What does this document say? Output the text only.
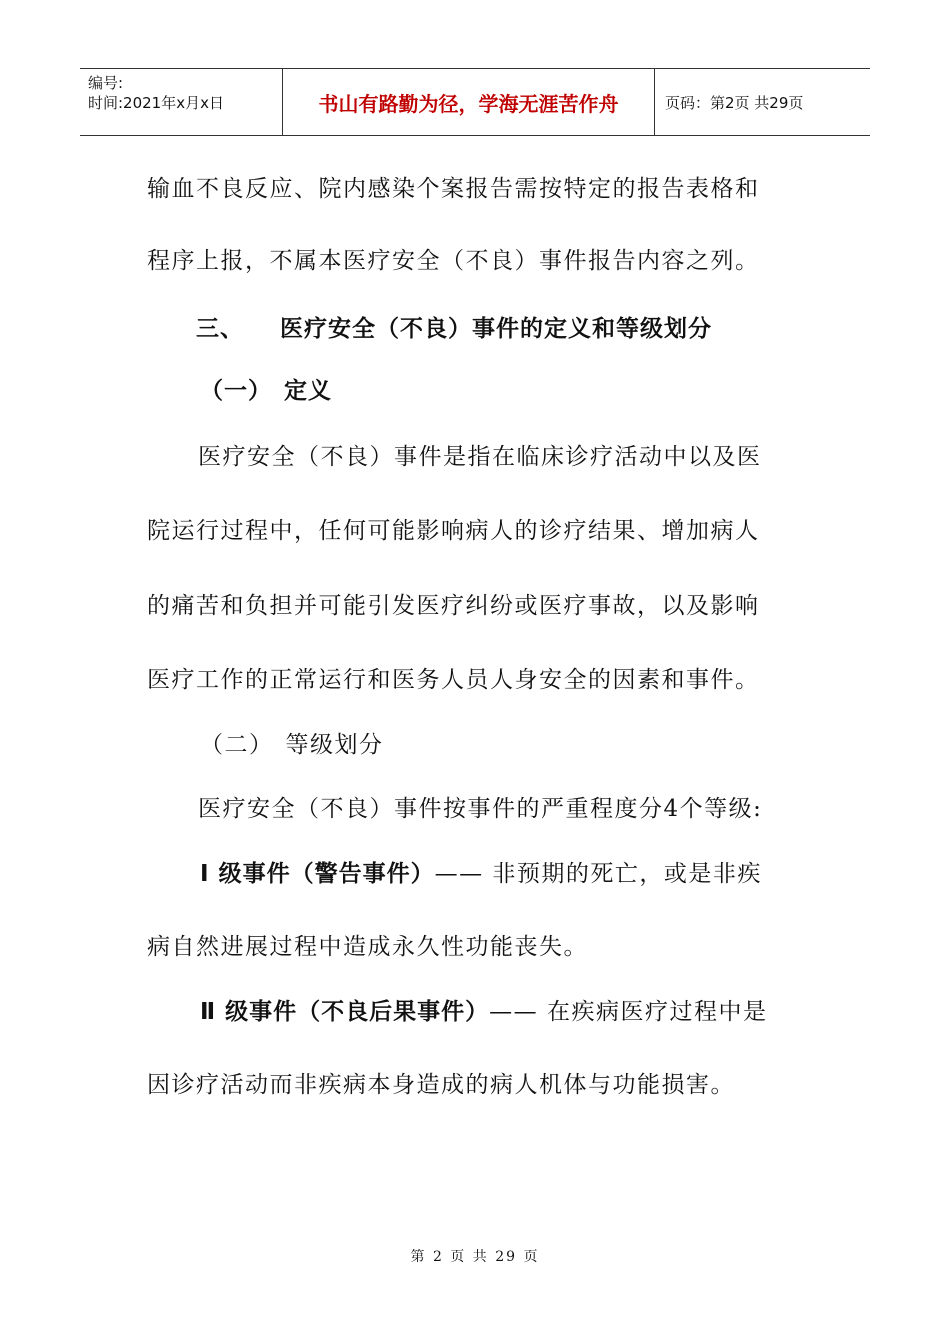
编号:
时间:2021年x月x日	书山有路勤为径，学海无涯苦作舟	页码：第2页 共29页
输血不良反应、院内感染个案报告需按特定的报告表格和
程序上报，不属本医疗安全（不良）事件报告内容之列。
三、 医疗安全（不良）事件的定义和等级划分
（一） 定义
医疗安全（不良）事件是指在临床诊疗活动中以及医
院运行过程中，任何可能影响病人的诊疗结果、增加病人
的痛苦和负担并可能引发医疗纠纷或医疗事故，以及影响
医疗工作的正常运行和医务人员人身安全的因素和事件。
（二） 等级划分
医疗安全（不良）事件按事件的严重程度分4个等级:
Ⅰ 级事件（警告事件）—— 非预期的死亡，或是非疾
病自然进展过程中造成永久性功能丧失。
Ⅱ 级事件（不良后果事件）—— 在疾病医疗过程中是
因诊疗活动而非疾病本身造成的病人机体与功能损害。
第 2 页 共 29 页
